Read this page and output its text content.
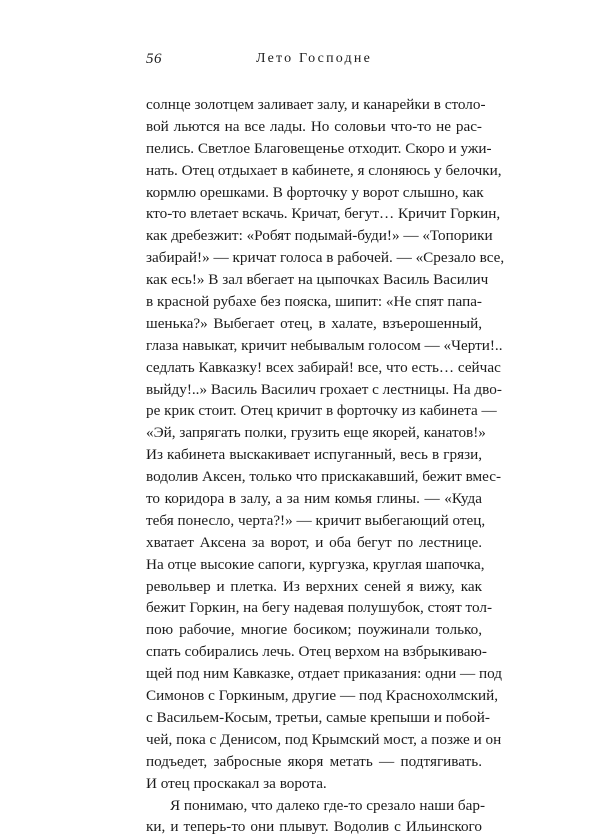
56	Лето Господне
солнце золотцем заливает залу, и канарейки в столо-
вой льются на все лады. Но соловьи что-то не рас-
пелись. Светлое Благовещенье отходит. Скоро и ужи-
нать. Отец отдыхает в кабинете, я слоняюсь у белочки,
кормлю орешками. В форточку у ворот слышно, как
кто-то влетает вскачь. Кричат, бегут… Кричит Горкин,
как дребезжит: «Робят подымай-буди!» — «Топорики
забирай!» — кричат голоса в рабочей. — «Срезало все,
как есь!» В зал вбегает на цыпочках Василь Василич
в красной рубахе без пояска, шипит: «Не спят папа-
шенька?» Выбегает отец, в халате, взъерошенный,
глаза навыкат, кричит небывалым голосом — «Черти!..
седлать Кавказку! всех забирай! все, что есть… сейчас
выйду!..» Василь Василич грохает с лестницы. На дво-
ре крик стоит. Отец кричит в форточку из кабинета —
«Эй, запрягать полки, грузить еще якорей, канатов!»
Из кабинета выскакивает испуганный, весь в грязи,
водолив Аксен, только что прискакавший, бежит вмес-
то коридора в залу, а за ним комья глины. — «Куда
тебя понесло, черта?!» — кричит выбегающий отец,
хватает Аксена за ворот, и оба бегут по лестнице.
На отце высокие сапоги, кургузка, круглая шапочка,
револьвер и плетка. Из верхних сеней я вижу, как
бежит Горкин, на бегу надевая полушубок, стоят тол-
пою рабочие, многие босиком; поужинали только,
спать собирались лечь. Отец верхом на взбрыкиваю-
щей под ним Кавказке, отдает приказания: одни — под
Симонов с Горкиным, другие — под Краснохолмский,
с Васильем-Косым, третьи, самые крепыши и побой-
чей, пока с Денисом, под Крымский мост, а позже и он
подъедет, забросные якоря метать — подтягивать.
И отец проскакал за ворота.
Я понимаю, что далеко где-то срезало наши бар-
ки, и теперь-то они плывут. Водолив с Ильинского
